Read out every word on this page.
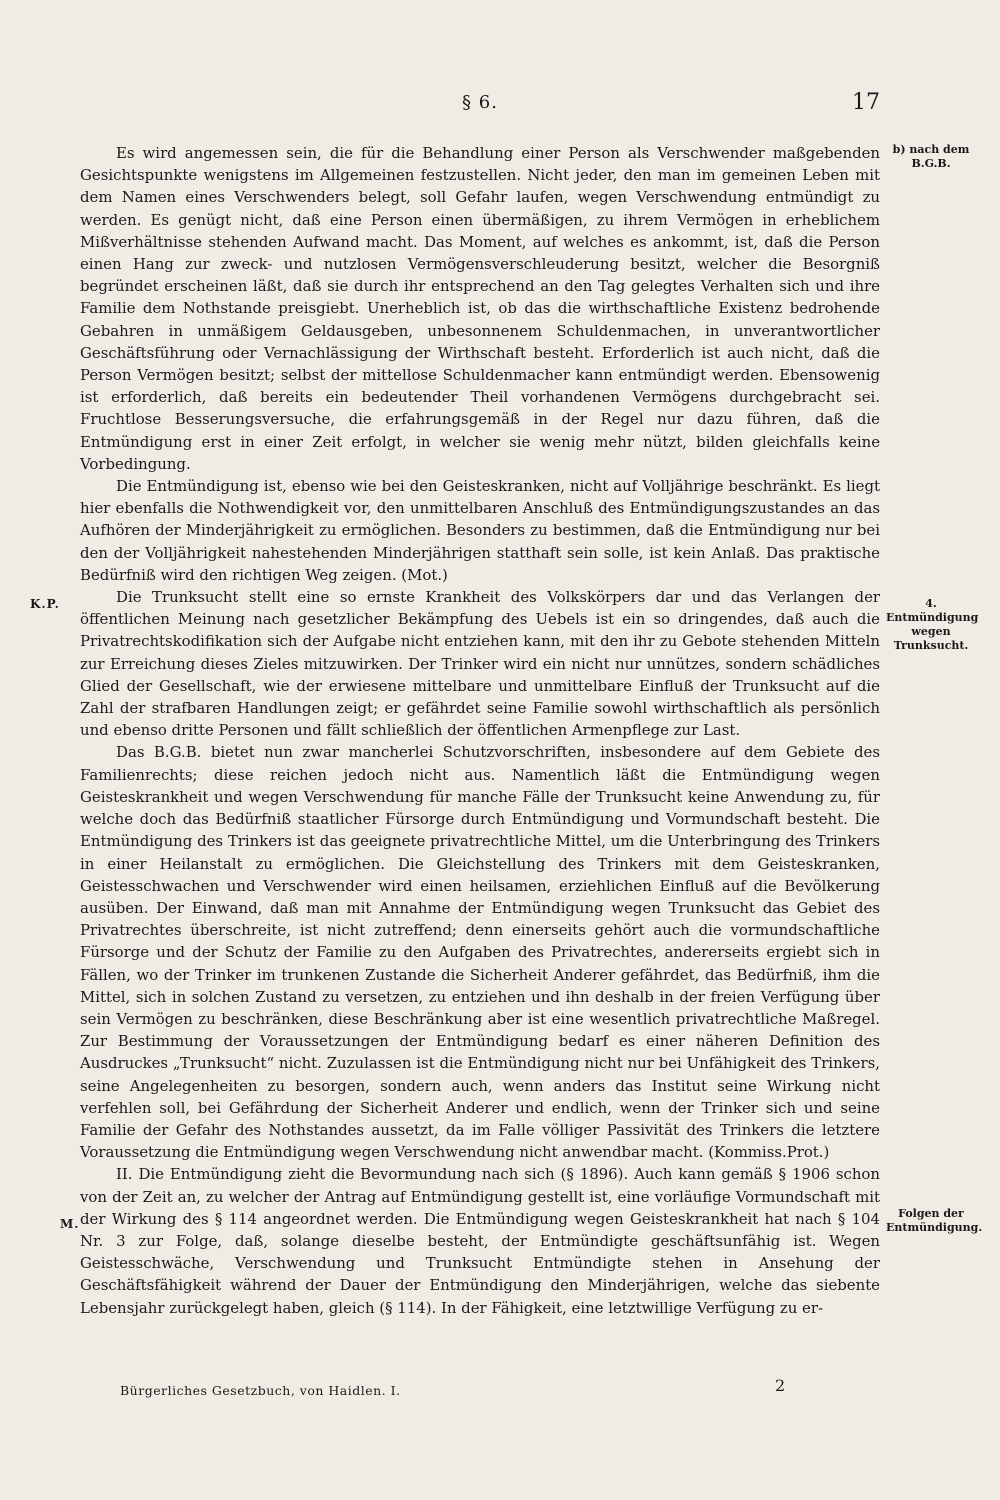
§ 6.	17

Es wird angemessen sein, die für die Behandlung einer Person als Verschwender maßgebenden Gesichtspunkte wenigstens im Allgemeinen festzustellen. Nicht jeder, den man im gemeinen Leben mit dem Namen eines Verschwenders belegt, soll Gefahr laufen, wegen Verschwendung entmündigt zu werden. Es genügt nicht, daß eine Person einen übermäßigen, zu ihrem Vermögen in erheblichem Mißverhältnisse stehenden Aufwand macht. Das Moment, auf welches es ankommt, ist, daß die Person einen Hang zur zweck- und nutzlosen Vermögensverschleuderung besitzt, welcher die Besorgniß begründet erscheinen läßt, daß sie durch ihr entsprechend an den Tag gelegtes Verhalten sich und ihre Familie dem Nothstande preisgiebt. Unerheblich ist, ob das die wirthschaftliche Existenz bedrohende Gebahren in unmäßigem Geldausgeben, unbesonnenem Schuldenmachen, in unverantwortlicher Geschäftsführung oder Vernachlässigung der Wirthschaft besteht. Erforderlich ist auch nicht, daß die Person Vermögen besitzt; selbst der mittellose Schuldenmacher kann entmündigt werden. Ebensowenig ist erforderlich, daß bereits ein bedeutender Theil vorhandenen Vermögens durchgebracht sei. Fruchtlose Besserungsversuche, die erfahrungsgemäß in der Regel nur dazu führen, daß die Entmündigung erst in einer Zeit erfolgt, in welcher sie wenig mehr nützt, bilden gleichfalls keine Vorbedingung.

Die Entmündigung ist, ebenso wie bei den Geisteskranken, nicht auf Volljährige beschränkt. Es liegt hier ebenfalls die Nothwendigkeit vor, den unmittelbaren Anschluß des Entmündigungszustandes an das Aufhören der Minderjährigkeit zu ermöglichen. Besonders zu bestimmen, daß die Entmündigung nur bei den der Volljährigkeit nahestehenden Minderjährigen statthaft sein solle, ist kein Anlaß. Das praktische Bedürfniß wird den richtigen Weg zeigen. (Mot.)

Die Trunksucht stellt eine so ernste Krankheit des Volkskörpers dar und das Verlangen der öffentlichen Meinung nach gesetzlicher Bekämpfung des Uebels ist ein so dringendes, daß auch die Privatrechtskodifikation sich der Aufgabe nicht entziehen kann, mit den ihr zu Gebote stehenden Mitteln zur Erreichung dieses Zieles mitzuwirken. Der Trinker wird ein nicht nur unnützes, sondern schädliches Glied der Gesellschaft, wie der erwiesene mittelbare und unmittelbare Einfluß der Trunksucht auf die Zahl der strafbaren Handlungen zeigt; er gefährdet seine Familie sowohl wirthschaftlich als persönlich und ebenso dritte Personen und fällt schließlich der öffentlichen Armenpflege zur Last.

Das B.G.B. bietet nun zwar mancherlei Schutzvorschriften, insbesondere auf dem Gebiete des Familienrechts; diese reichen jedoch nicht aus. Namentlich läßt die Entmündigung wegen Geisteskrankheit und wegen Verschwendung für manche Fälle der Trunksucht keine Anwendung zu, für welche doch das Bedürfniß staatlicher Fürsorge durch Entmündigung und Vormundschaft besteht. Die Entmündigung des Trinkers ist das geeignete privatrechtliche Mittel, um die Unterbringung des Trinkers in einer Heilanstalt zu ermöglichen. Die Gleichstellung des Trinkers mit dem Geisteskranken, Geistesschwachen und Verschwender wird einen heilsamen, erziehlichen Einfluß auf die Bevölkerung ausüben. Der Einwand, daß man mit Annahme der Entmündigung wegen Trunksucht das Gebiet des Privatrechtes überschreite, ist nicht zutreffend; denn einerseits gehört auch die vormundschaftliche Fürsorge und der Schutz der Familie zu den Aufgaben des Privatrechtes, andererseits ergiebt sich in Fällen, wo der Trinker im trunkenen Zustande die Sicherheit Anderer gefährdet, das Bedürfniß, ihm die Mittel, sich in solchen Zustand zu versetzen, zu entziehen und ihn deshalb in der freien Verfügung über sein Vermögen zu beschränken, diese Beschränkung aber ist eine wesentlich privatrechtliche Maßregel. Zur Bestimmung der Voraussetzungen der Entmündigung bedarf es einer näheren Definition des Ausdruckes „Trunksucht“ nicht. Zuzulassen ist die Entmündigung nicht nur bei Unfähigkeit des Trinkers, seine Angelegenheiten zu besorgen, sondern auch, wenn anders das Institut seine Wirkung nicht verfehlen soll, bei Gefährdung der Sicherheit Anderer und endlich, wenn der Trinker sich und seine Familie der Gefahr des Nothstandes aussetzt, da im Falle völliger Passivität des Trinkers die letztere Voraussetzung die Entmündigung wegen Verschwendung nicht anwendbar macht. (Kommiss.Prot.)

II. Die Entmündigung zieht die Bevormundung nach sich (§ 1896). Auch kann gemäß § 1906 schon von der Zeit an, zu welcher der Antrag auf Entmündigung gestellt ist, eine vorläufige Vormundschaft mit der Wirkung des § 114 angeordnet werden. Die Entmündigung wegen Geisteskrankheit hat nach § 104 Nr. 3 zur Folge, daß, solange dieselbe besteht, der Entmündigte geschäftsunfähig ist. Wegen Geistesschwäche, Verschwendung und Trunksucht Entmündigte stehen in Ansehung der Geschäftsfähigkeit während der Dauer der Entmündigung den Minderjährigen, welche das siebente Lebensjahr zurückgelegt haben, gleich (§ 114). In der Fähigkeit, eine letztwillige Verfügung zu er-

K.P.
M.
b) nach dem B.G.B.
4. Entmündigung wegen Trunksucht.
Folgen der Entmündigung.
Bürgerliches Gesetzbuch, von Haidlen. I.	2
